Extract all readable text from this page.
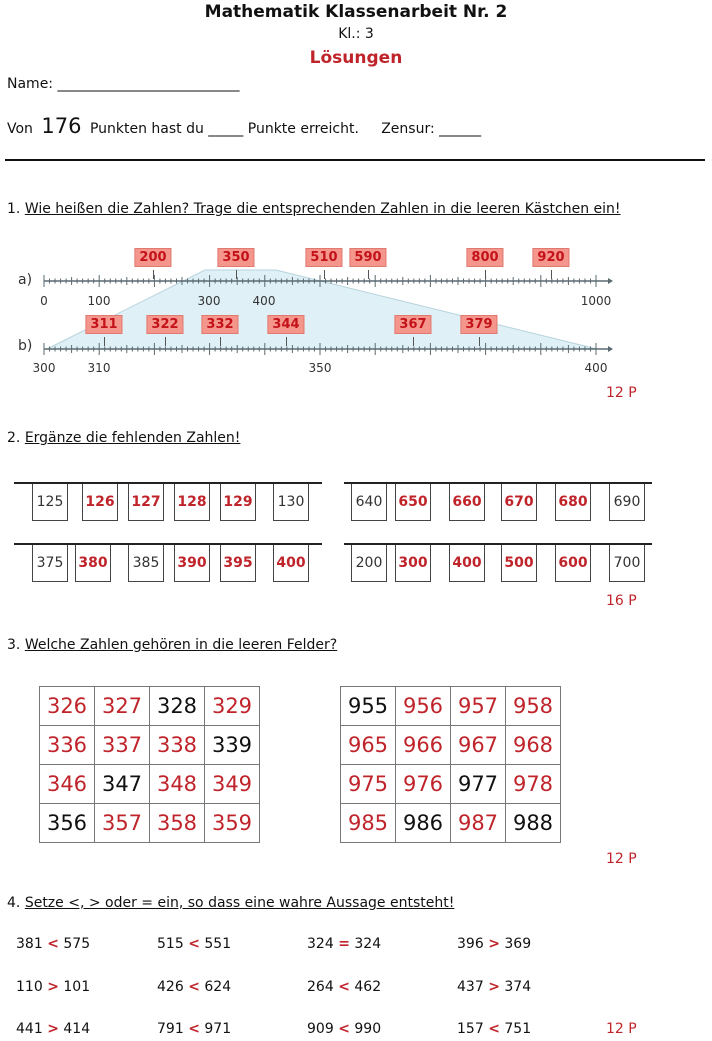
Mathematik Klassenarbeit Nr. 2
Kl.: 3
Lösungen
Name: __________________________
Von 176 Punkten hast du _____ Punkte erreicht. Zensur: ______
1. Wie heißen die Zahlen? Trage die entsprechenden Zahlen in die leeren Kästchen ein!
a)
b)
0	100	300	400	1000
200	350	510	590	800	920
300	310	350	400
311	322	332	344	367	379
12 P
2. Ergänze die fehlenden Zahlen!
125	126 127 128 129	130	640	650 660 670 680	690
375	380	385	390 395 400	200	300 400 500 600	700
16 P
3. Welche Zahlen gehören in die leeren Felder?
326	327	328	329
336	337	338	339
346	347	348	349
356	357	358	359
955	956	957	958
965	966	967	968
975	976	977	978
985	986	987	988
12 P
4. Setze <, > oder = ein, so dass eine wahre Aussage entsteht!
381 < 575	515 < 551	324 = 324	396 > 369
110 > 101	426 < 624	264 < 462	437 > 374
441 > 414	791 < 971	909 < 990	157 < 751	12 P
